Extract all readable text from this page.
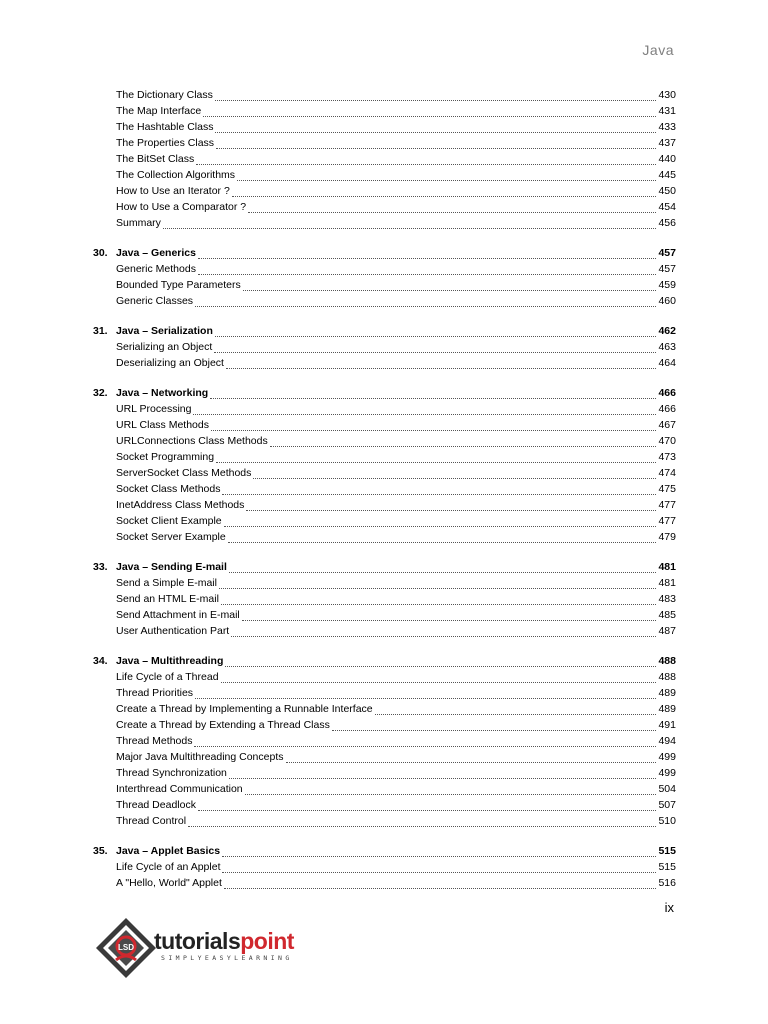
Java
The Dictionary Class	430
The Map Interface	431
The Hashtable Class	433
The Properties Class	437
The BitSet Class	440
The Collection Algorithms	445
How to Use an Iterator ?	450
How to Use a Comparator ?	454
Summary	456
30. Java – Generics	457
Generic Methods	457
Bounded Type Parameters	459
Generic Classes	460
31. Java – Serialization	462
Serializing an Object	463
Deserializing an Object	464
32. Java – Networking	466
URL Processing	466
URL Class Methods	467
URLConnections Class Methods	470
Socket Programming	473
ServerSocket Class Methods	474
Socket Class Methods	475
InetAddress Class Methods	477
Socket Client Example	477
Socket Server Example	479
33. Java – Sending E-mail	481
Send a Simple E-mail	481
Send an HTML E-mail	483
Send Attachment in E-mail	485
User Authentication Part	487
34. Java – Multithreading	488
Life Cycle of a Thread	488
Thread Priorities	489
Create a Thread by Implementing a Runnable Interface	489
Create a Thread by Extending a Thread Class	491
Thread Methods	494
Major Java Multithreading Concepts	499
Thread Synchronization	499
Interthread Communication	504
Thread Deadlock	507
Thread Control	510
35. Java – Applet Basics	515
Life Cycle of an Applet	515
A "Hello, World" Applet	516
ix
LSD tutorialspoint
SIMPLYEASYLEARNING
